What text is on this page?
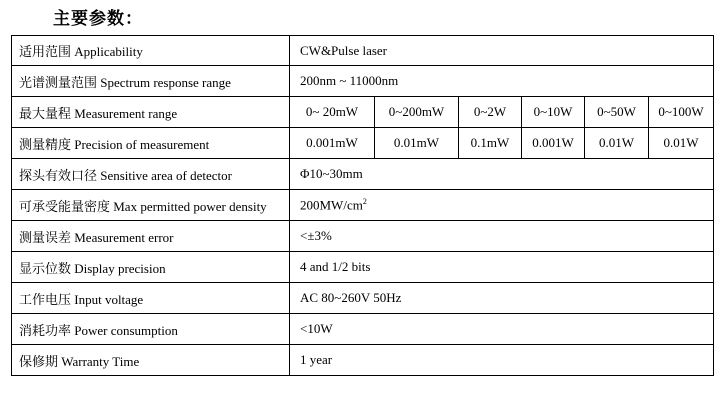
主要参数：
适用范围 Applicability	CW&Pulse laser					
光谱测量范围 Spectrum response range	200nm ~ 11000nm					
最大量程 Measurement range	0~ 20mW	0~200mW	0~2W	0~10W	0~50W	0~100W
测量精度 Precision of measurement	0.001mW	0.01mW	0.1mW	0.001W	0.01W	0.01W
探头有效口径 Sensitive area of detector	Φ10~30mm					
可承受能量密度 Max permitted power density	$200MW/cm^2$
测量误差 Measurement error	<±3%					
显示位数 Display precision	4 and 1/2 bits					
工作电压 Input voltage	AC 80~260V 50Hz					
消耗功率 Power consumption	<10W					
保修期 Warranty Time	1 year					
